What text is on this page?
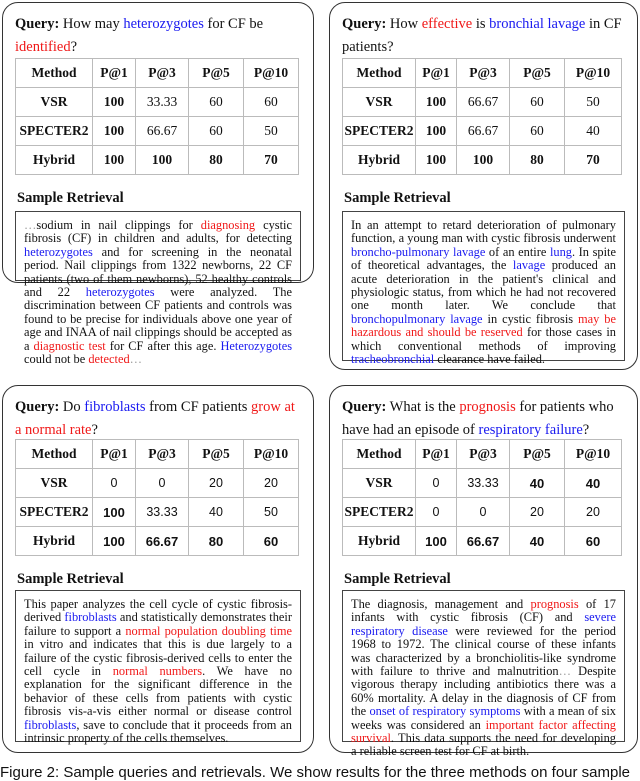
Query: How may heterozygotes for CF be identified?
Method	P@1	P@3	P@5	P@10
VSR	100	33.33	60	60
SPECTER2	100	66.67	60	50
Hybrid	100	100	80	70
Sample Retrieval
…sodium in nail clippings for diagnosing cystic fibrosis (CF) in children and adults, for detecting heterozygotes and for screening in the neonatal period. Nail clippings from 1322 newborns, 22 CF patients (two of them newborns), 52 healthy controls and 22 heterozygotes were analyzed. The discrimination between CF patients and controls was found to be precise for individuals above one year of age and INAA of nail clippings should be accepted as a diagnostic test for CF after this age. Heterozygotes could not be detected…
Query: How effective is bronchial lavage in CF patients?
Method	P@1	P@3	P@5	P@10
VSR	100	66.67	60	50
SPECTER2	100	66.67	60	40
Hybrid	100	100	80	70
Sample Retrieval
In an attempt to retard deterioration of pulmonary function, a young man with cystic fibrosis underwent broncho-pulmonary lavage of an entire lung. In spite of theoretical advantages, the lavage produced an acute deterioration in the patient's clinical and physiologic status, from which he had not recovered one month later. We conclude that bronchopulmonary lavage in cystic fibrosis may be hazardous and should be reserved for those cases in which conventional methods of improving tracheobronchial clearance have failed.
Query: Do fibroblasts from CF patients grow at a normal rate?
Method	P@1	P@3	P@5	P@10
VSR	0	0	20	20
SPECTER2	100	33.33	40	50
Hybrid	100	66.67	80	60
Sample Retrieval
This paper analyzes the cell cycle of cystic fibrosis-derived fibroblasts and statistically demonstrates their failure to support a normal population doubling time in vitro and indicates that this is due largely to a failure of the cystic fibrosis-derived cells to enter the cell cycle in normal numbers. We have no explanation for the significant difference in the behavior of these cells from patients with cystic fibrosis vis-a-vis either normal or disease control fibroblasts, save to conclude that it proceeds from an intrinsic property of the cells themselves.
Query: What is the prognosis for patients who have had an episode of respiratory failure?
Method	P@1	P@3	P@5	P@10
VSR	0	33.33	40	40
SPECTER2	0	0	20	20
Hybrid	100	66.67	40	60
Sample Retrieval
The diagnosis, management and prognosis of 17 infants with cystic fibrosis (CF) and severe respiratory disease were reviewed for the period 1968 to 1972. The clinical course of these infants was characterized by a bronchiolitis-like syndrome with failure to thrive and malnutrition… Despite vigorous therapy including antibiotics there was a 60% mortality. A delay in the diagnosis of CF from the onset of respiratory symptoms with a mean of six weeks was considered an important factor affecting survival. This data supports the need for developing a reliable screen test for CF at birth.
Figure 2: Sample queries and retrievals. We show results for the three methods on four sample
